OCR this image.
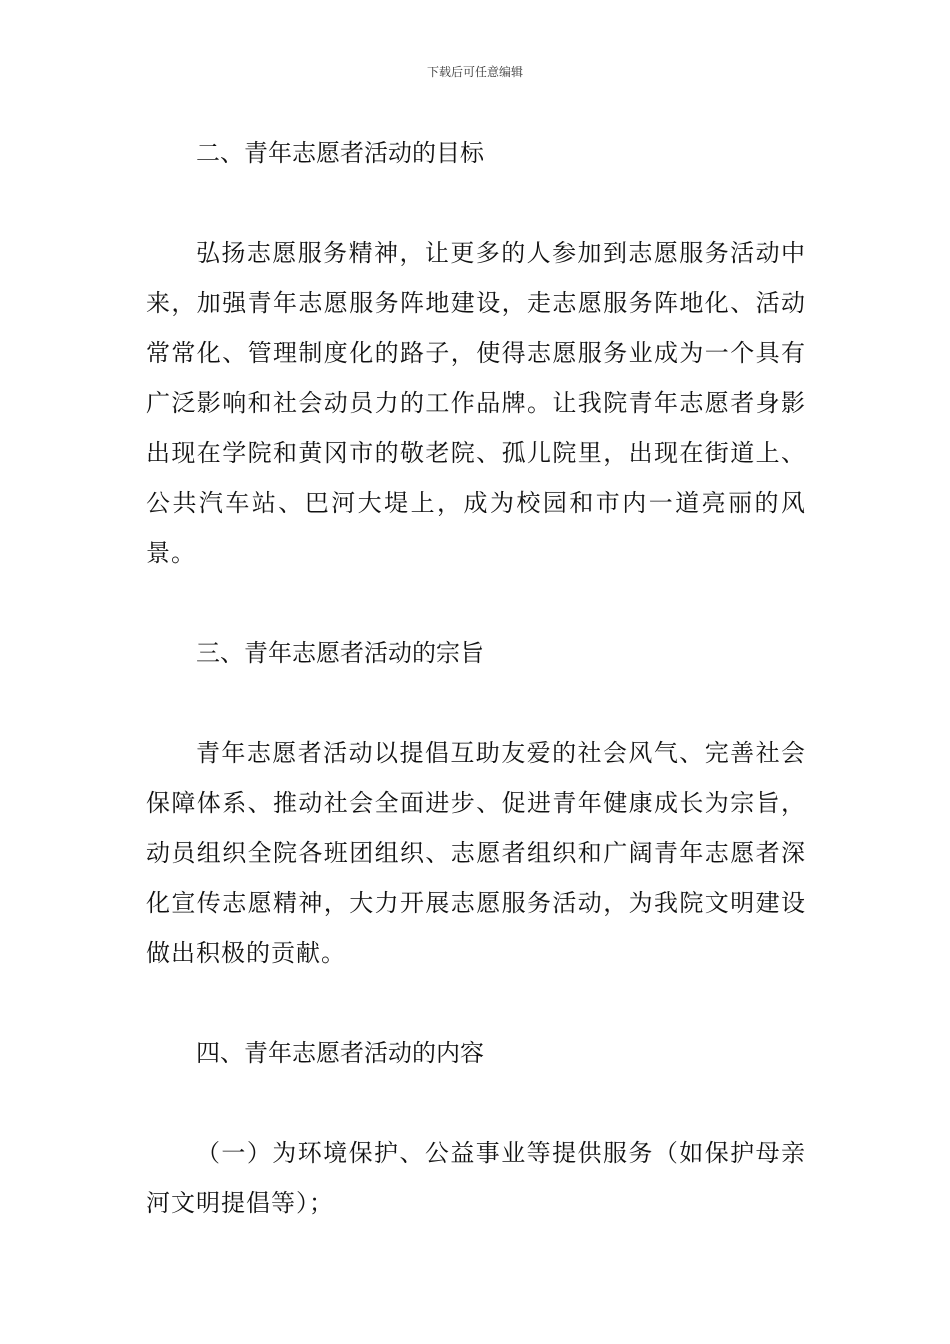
下载后可任意编辑
二、青年志愿者活动的目标

弘扬志愿服务精神，让更多的人参加到志愿服务活动中来，加强青年志愿服务阵地建设，走志愿服务阵地化、活动常常化、管理制度化的路子，使得志愿服务业成为一个具有广泛影响和社会动员力的工作品牌。让我院青年志愿者身影出现在学院和黄冈市的敬老院、孤儿院里，出现在街道上、公共汽车站、巴河大堤上，成为校园和市内一道亮丽的风景。

三、青年志愿者活动的宗旨

青年志愿者活动以提倡互助友爱的社会风气、完善社会保障体系、推动社会全面进步、促进青年健康成长为宗旨，动员组织全院各班团组织、志愿者组织和广阔青年志愿者深化宣传志愿精神，大力开展志愿服务活动，为我院文明建设做出积极的贡献。

四、青年志愿者活动的内容

（一）为环境保护、公益事业等提供服务（如保护母亲河文明提倡等）；
